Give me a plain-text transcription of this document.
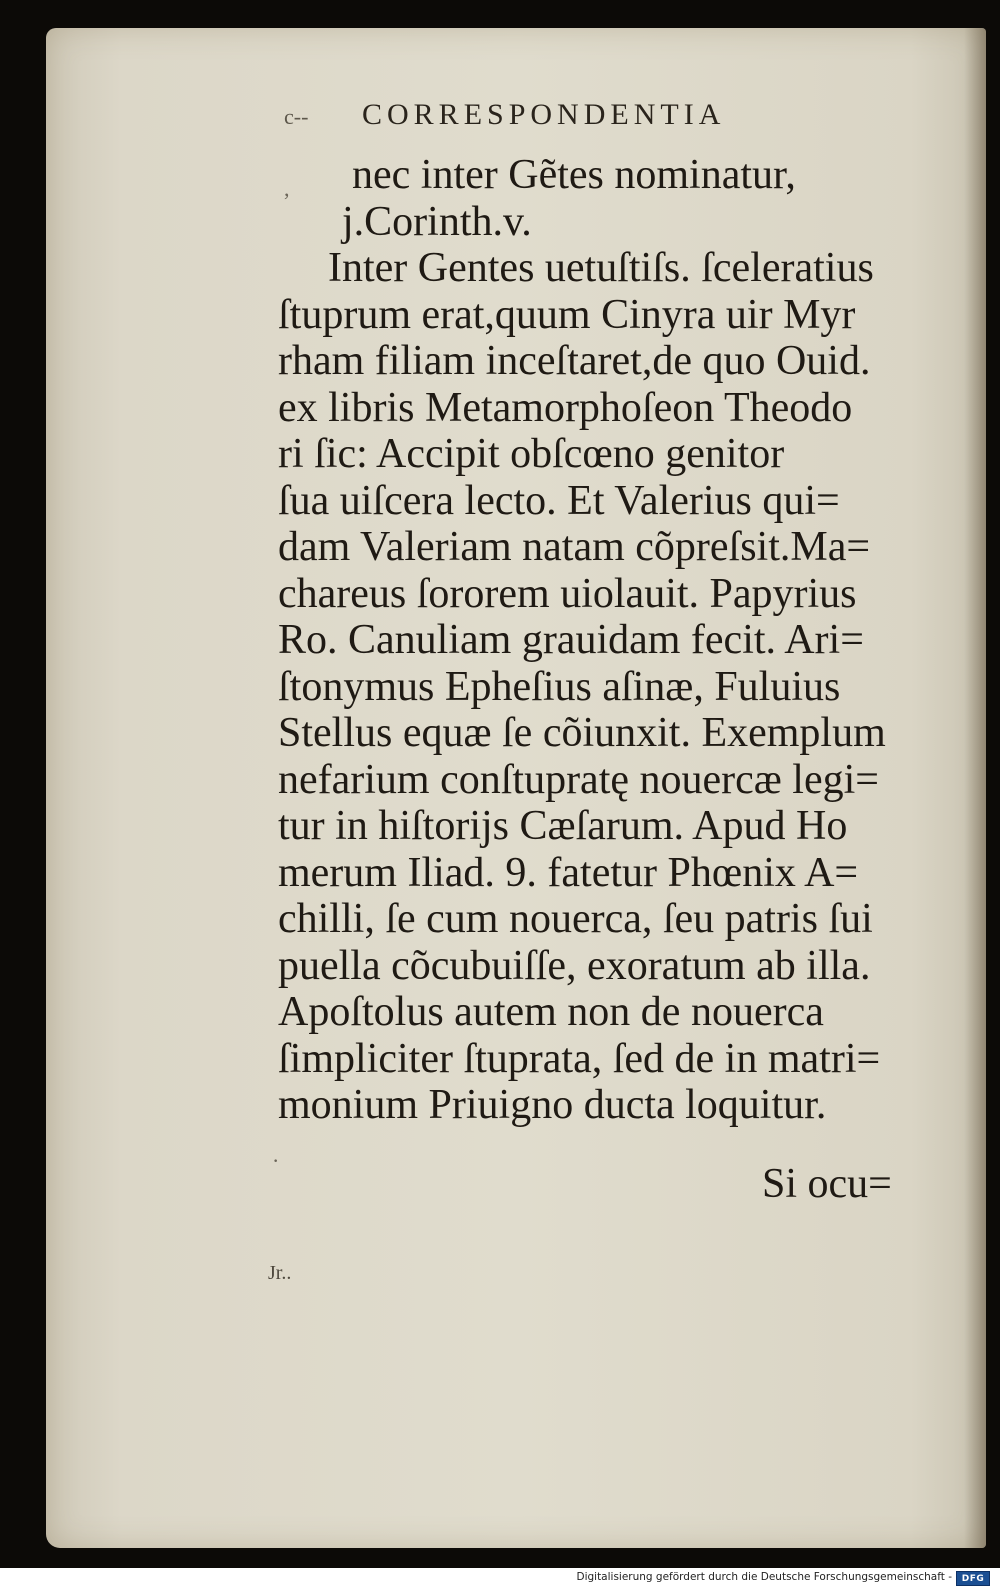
c-- CORRESPONDENTIA
,
·
nec inter Gẽtes nominatur,
j.Corinth.v.
Inter Gentes uetuſtiſs. ſceleratius
ſtuprum erat,quum Cinyra uir Myr
rham filiam inceſtaret,de quo Ouid.
ex libris Metamorphoſeon Theodo
ri ſic: Accipit obſcœno genitor
ſua uiſcera lecto. Et Valerius qui=
dam Valeriam natam cõpreſsit.Ma=
chareus ſororem uiolauit. Papyrius
Ro. Canuliam grauidam fecit. Ari=
ſtonymus Epheſius aſinæ, Fuluius
Stellus equæ ſe cõiunxit. Exemplum
nefarium conſtupratę nouercæ legi=
tur in hiſtorijs Cæſarum. Apud Ho
merum Iliad. 9. fatetur Phœnix A=
chilli, ſe cum nouerca, ſeu patris ſui
puella cõcubuiſſe, exoratum ab illa.
Apoſtolus autem non de nouerca
ſimpliciter ſtuprata, ſed de in matri=
monium Priuigno ducta loquitur.
Si ocu=
Jr..
Digitalisierung gefördert durch die Deutsche Forschungsgemeinschaft -	DFG
